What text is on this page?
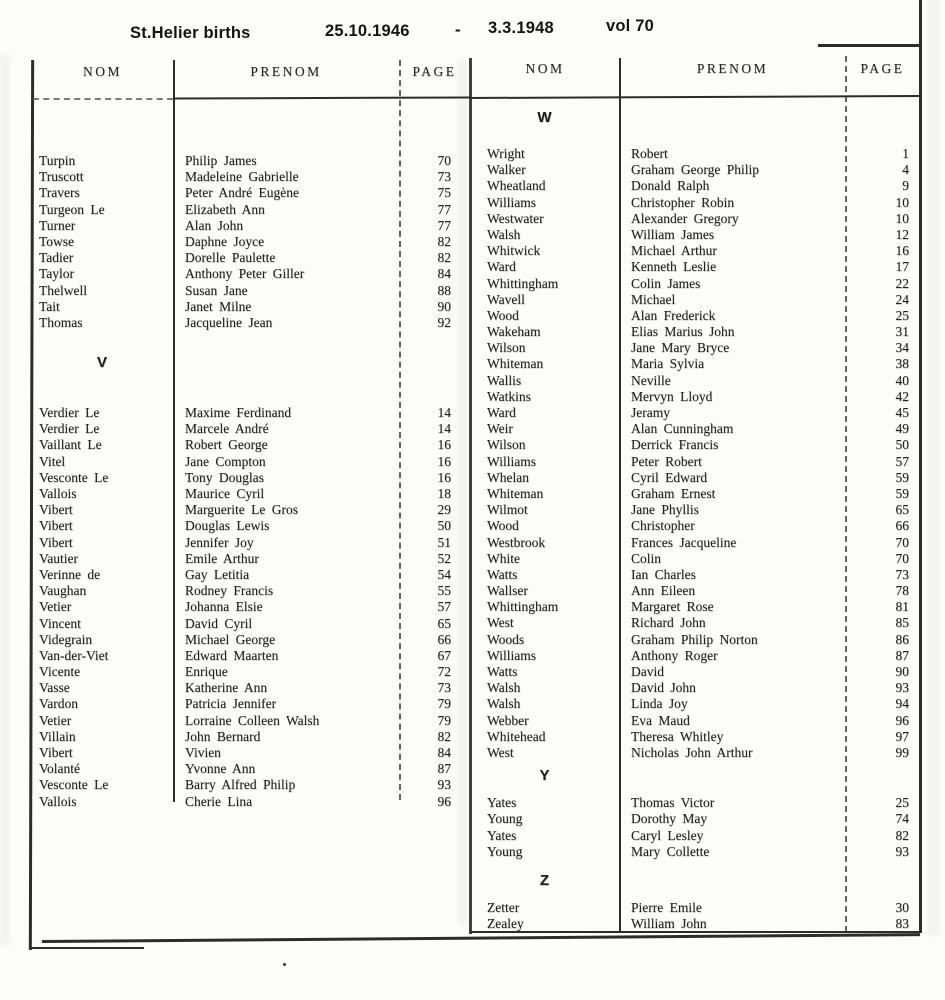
St.Helier births	25.10.1946	- 3.3.1948	vol 70
NOM	PRENOM	PAGE	NOM	PRENOM	PAGE
Turpin	Philip James	70
Truscott	Madeleine Gabrielle	73
Travers	Peter André Eugène	75
Turgeon Le	Elizabeth Ann	77
Turner	Alan John	77
Towse	Daphne Joyce	82
Tadier	Dorelle Paulette	82
Taylor	Anthony Peter Giller	84
Thelwell	Susan Jane	88
Tait	Janet Milne	90
Thomas	Jacqueline Jean	92
V
Verdier Le	Maxime Ferdinand	14
Verdier Le	Marcele André	14
Vaillant Le	Robert George	16
Vitel	Jane Compton	16
Vesconte Le	Tony Douglas	16
Vallois	Maurice Cyril	18
Vibert	Marguerite Le Gros	29
Vibert	Douglas Lewis	50
Vibert	Jennifer Joy	51
Vautier	Emile Arthur	52
Verinne de	Gay Letitia	54
Vaughan	Rodney Francis	55
Vetier	Johanna Elsie	57
Vincent	David Cyril	65
Videgrain	Michael George	66
Van-der-Viet	Edward Maarten	67
Vicente	Enrique	72
Vasse	Katherine Ann	73
Vardon	Patricia Jennifer	79
Vetier	Lorraine Colleen Walsh	79
Villain	John Bernard	82
Vibert	Vivien	84
Volanté	Yvonne Ann	87
Vesconte Le	Barry Alfred Philip	93
Vallois	Cherie Lina	96
W
Wright	Robert	1
Walker	Graham George Philip	4
Wheatland	Donald Ralph	9
Williams	Christopher Robin	10
Westwater	Alexander Gregory	10
Walsh	William James	12
Whitwick	Michael Arthur	16
Ward	Kenneth Leslie	17
Whittingham	Colin James	22
Wavell	Michael	24
Wood	Alan Frederick	25
Wakeham	Elias Marius John	31
Wilson	Jane Mary Bryce	34
Whiteman	Maria Sylvia	38
Wallis	Neville	40
Watkins	Mervyn Lloyd	42
Ward	Jeramy	45
Weir	Alan Cunningham	49
Wilson	Derrick Francis	50
Williams	Peter Robert	57
Whelan	Cyril Edward	59
Whiteman	Graham Ernest	59
Wilmot	Jane Phyllis	65
Wood	Christopher	66
Westbrook	Frances Jacqueline	70
White	Colin	70
Watts	Ian Charles	73
Wallser	Ann Eileen	78
Whittingham	Margaret Rose	81
West	Richard John	85
Woods	Graham Philip Norton	86
Williams	Anthony Roger	87
Watts	David	90
Walsh	David John	93
Walsh	Linda Joy	94
Webber	Eva Maud	96
Whitehead	Theresa Whitley	97
West	Nicholas John Arthur	99
Y
Yates	Thomas Victor	25
Young	Dorothy May	74
Yates	Caryl Lesley	82
Young	Mary Collette	93
Z
Zetter	Pierre Emile	30
Zealey	William John	83
